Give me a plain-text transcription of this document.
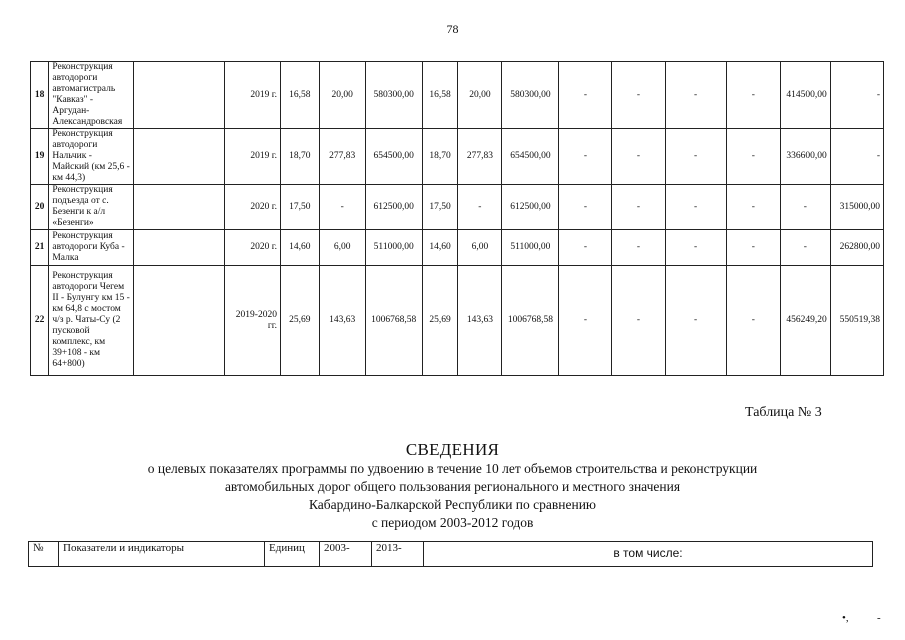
78
18	Реконструкция автодороги автомагистраль "Кавказ" - Аргудан-Александровская		2019 г.	16,58	20,00	580300,00	16,58	20,00	580300,00	-	-	-	-	414500,00	-
19	Реконструкция автодороги Нальчик - Майский (км 25,6 - км 44,3)		2019 г.	18,70	277,83	654500,00	18,70	277,83	654500,00	-	-	-	-	336600,00	-
20	Реконструкция подъезда от с. Безенги к а/л «Безенги»		2020 г.	17,50	-	612500,00	17,50	-	612500,00	-	-	-	-	-	315000,00
21	Реконструкция автодороги Куба - Малка		2020 г.	14,60	6,00	511000,00	14,60	6,00	511000,00	-	-	-	-	-	262800,00
22	Реконструкция автодороги Чегем II - Булунгу км 15 - км 64,8 с мостом ч/з р. Чаты-Су (2 пусковой комплекс, км 39+108 - км 64+800)		2019-2020 гг.	25,69	143,63	1006768,58	25,69	143,63	1006768,58	-	-	-	-	456249,20	550519,38
Таблица № 3
СВЕДЕНИЯ
о целевых показателях программы по удвоению в течение 10 лет объемов строительства и реконструкции
автомобильных дорог общего пользования регионального и местного значения
Кабардино-Балкарской Республики по сравнению
с периодом 2003-2012 годов
№	Показатели и индикаторы	Единиц	2003-	2013-	в том числе:
•,	-
